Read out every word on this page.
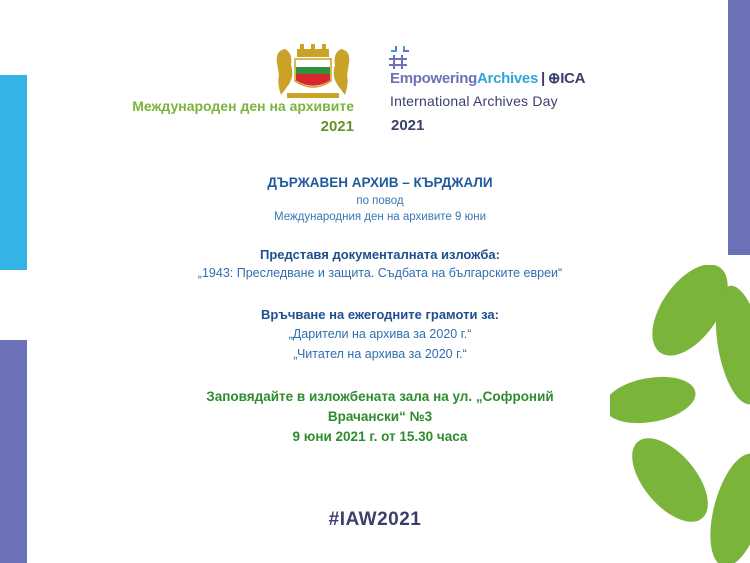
Международен ден на архивите
2021
EmpoweringArchives | ⊕ICA
International Archives Day
2021
ДЪРЖАВЕН АРХИВ – КЪРДЖАЛИ
по повод
Международния ден на архивите 9 юни
Представя документалната изложба:
„1943: Преследване и защита. Съдбата на българските евреи“
Връчване на ежегодните грамоти за:
„Дарители на архива за 2020 г.“
„Читател на архива за 2020 г.“
Заповядайте в изложбената зала на ул. „Софроний
Врачански“ №3
9 юни 2021 г. от 15.30 часа
#IAW2021
